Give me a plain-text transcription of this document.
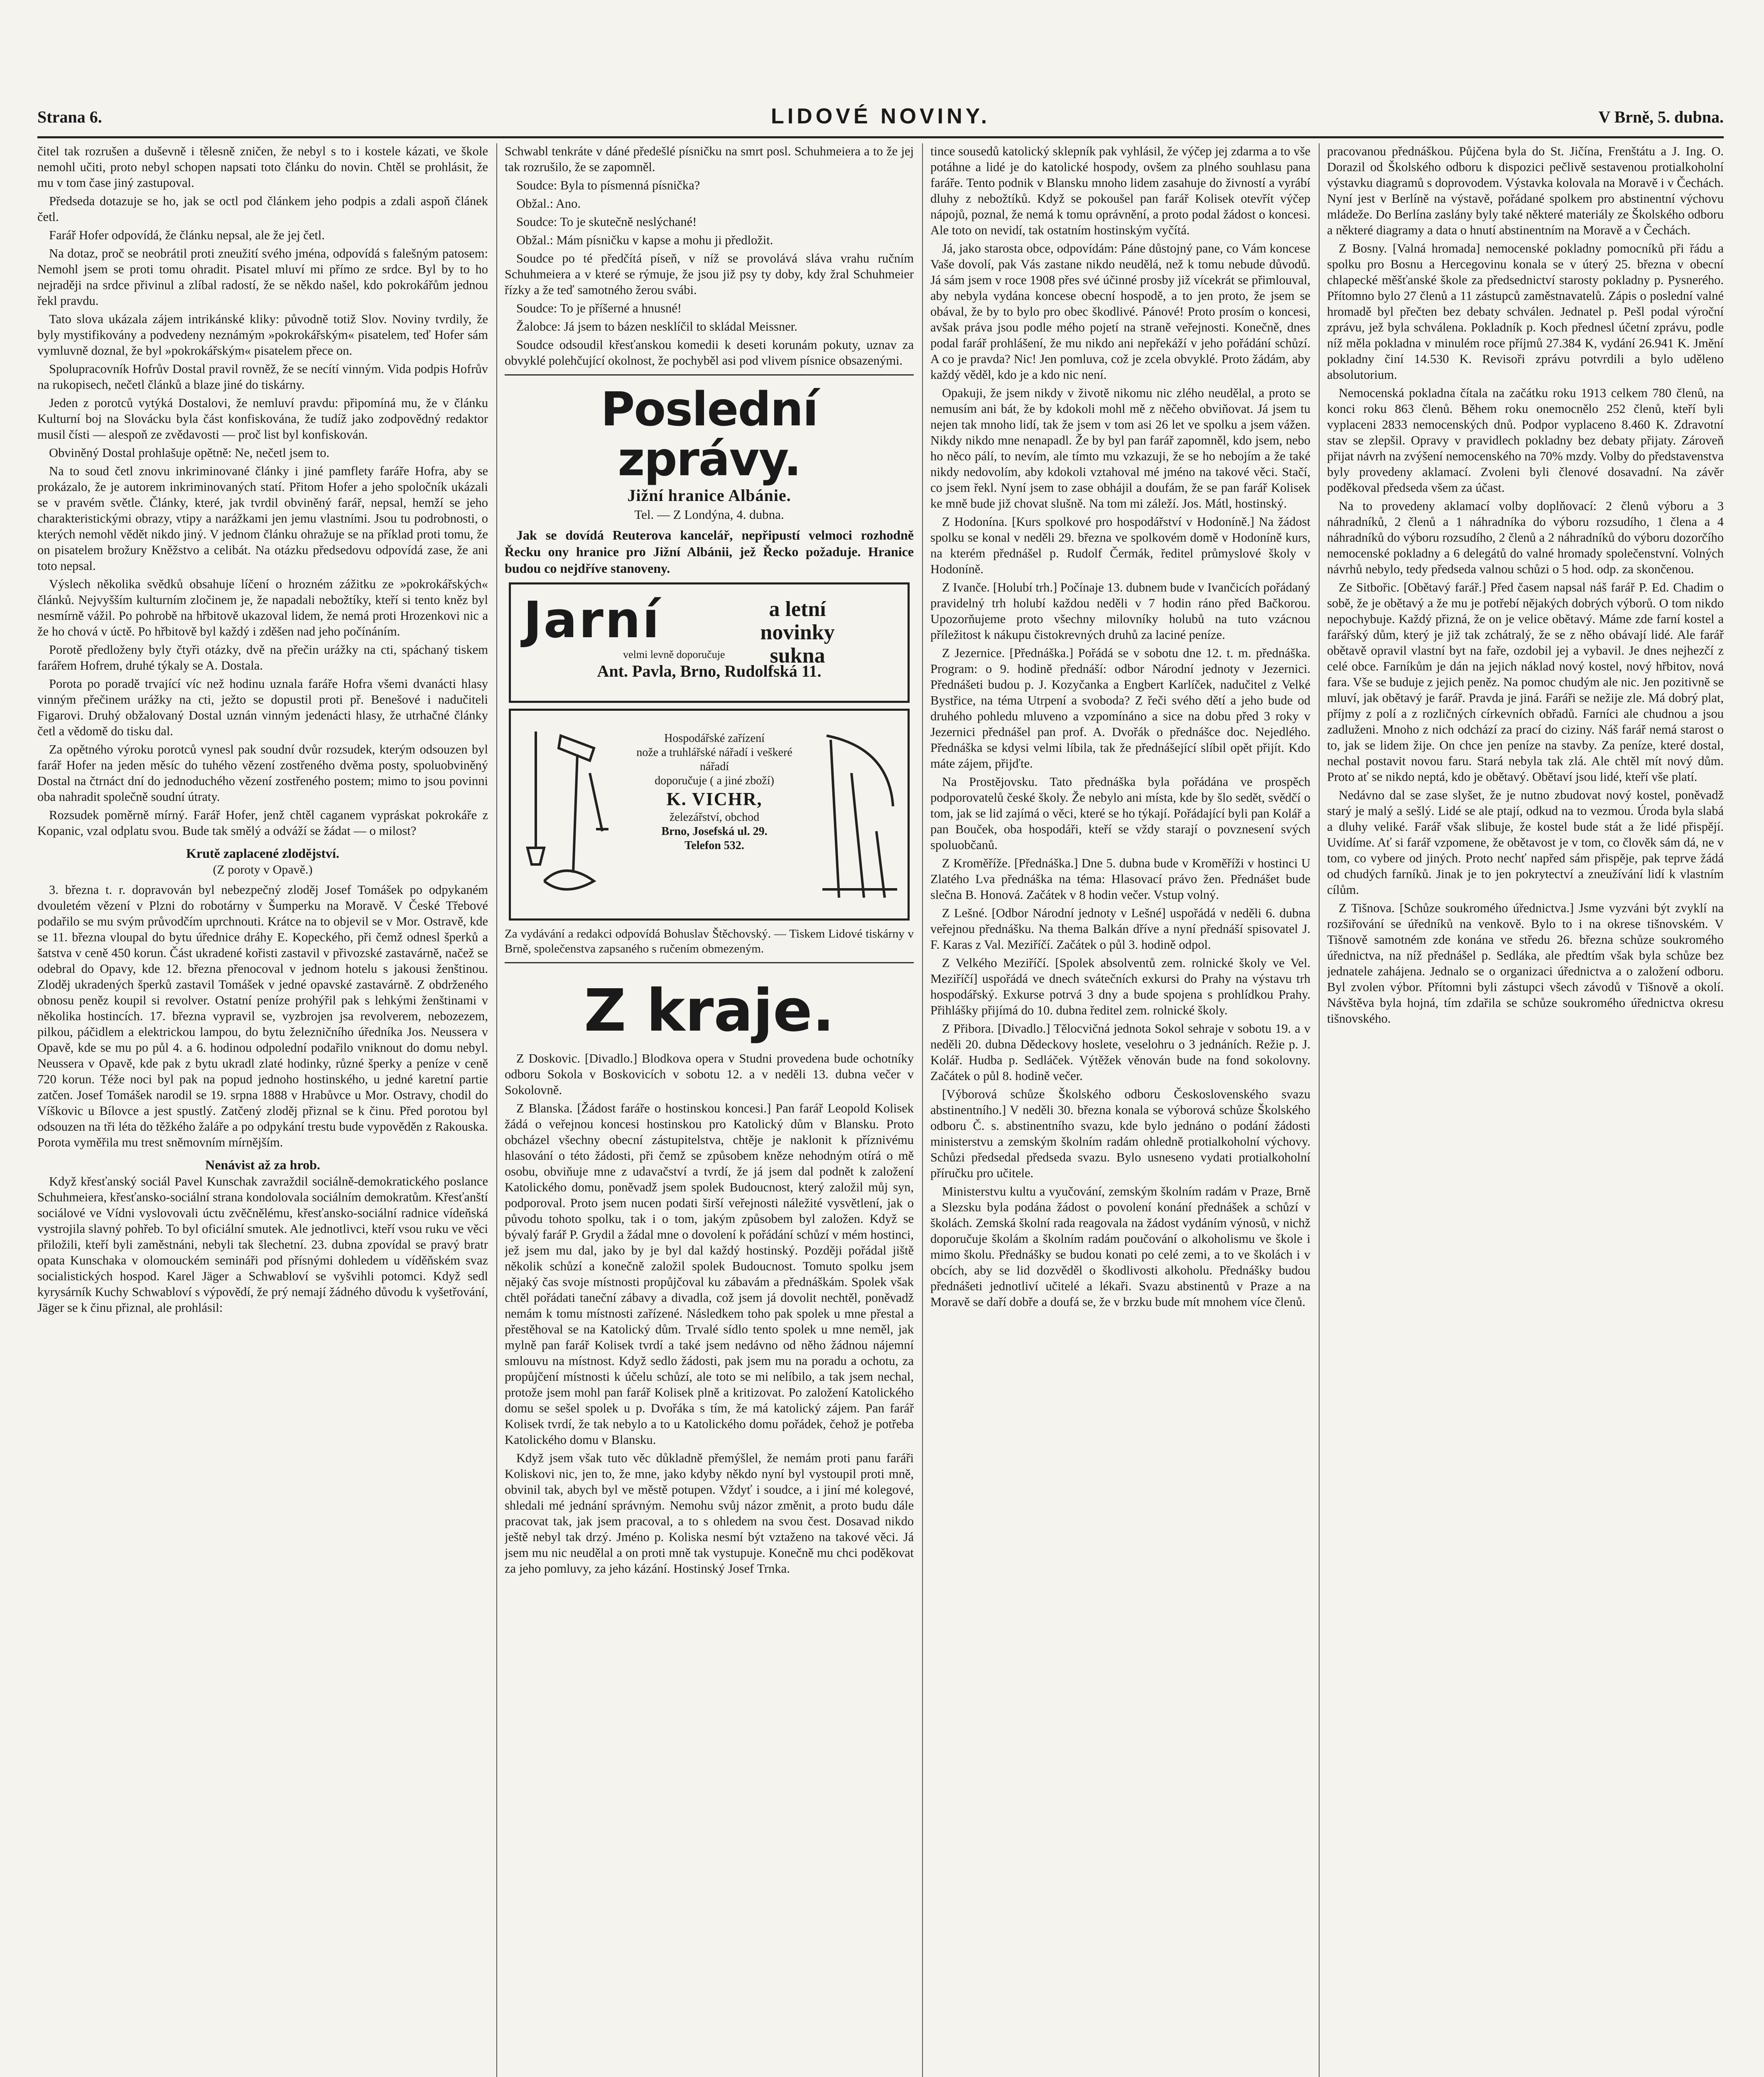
Strana 6.	LIDOVÉ NOVINY.	V Brně, 5. dubna.

čitel tak rozrušen a duševně i tělesně zničen, že nebyl s to i kostele kázati, ve škole nemohl učiti, proto nebyl schopen napsati toto článku do novin. Chtěl se prohlásit, že mu v tom čase jiný zastupoval.

Předseda dotazuje se ho, jak se octl pod článkem jeho podpis a zdali aspoň článek četl.

Farář Hofer odpovídá, že článku nepsal, ale že jej četl.

Na dotaz, proč se neobrátil proti zneužití svého jména, odpovídá s falešným patosem: Nemohl jsem se proti tomu ohradit. Pisatel mluví mi přímo ze srdce. Byl by to ho nejraději na srdce přivinul a zlíbal radostí, že se někdo našel, kdo pokrokářům jednou řekl pravdu.

Tato slova ukázala zájem intrikánské kliky: původně totiž Slov. Noviny tvrdily, že byly mystifikovány a podvedeny neznámým »pokrokářským« pisatelem, teď Hofer sám vymluvně doznal, že byl »pokrokářským« pisatelem přece on.

Spolupracovník Hofrův Dostal pravil rovněž, že se necítí vinným. Vida podpis Hofrův na rukopisech, nečetl článků a blaze jiné do tiskárny.

Jeden z porotců vytýká Dostalovi, že nemluví pravdu: připomíná mu, že v článku Kulturní boj na Slovácku byla část konfiskována, že tudíž jako zodpovědný redaktor musil čísti — alespoň ze zvědavosti — proč list byl konfiskován.

Obviněný Dostal prohlašuje opětně: Ne, nečetl jsem to.

Na to soud četl znovu inkriminované články i jiné pamflety faráře Hofra, aby se prokázalo, že je autorem inkriminovaných statí. Přitom Hofer a jeho spoločník ukázali se v pravém světle. Články, které, jak tvrdil obviněný farář, nepsal, hemží se jeho charakteristickými obrazy, vtipy a narážkami jen jemu vlastními. Jsou tu podrobnosti, o kterých nemohl vědět nikdo jiný. V jednom článku ohražuje se na příklad proti tomu, že on pisatelem brožury Kněžstvo a celibát. Na otázku předsedovu odpovídá zase, že ani toto nepsal.

Výslech několika svědků obsahuje líčení o hrozném zážitku ze »pokrokářských« článků. Nejvyšším kulturním zločinem je, že napadali nebožtíky, kteří si tento kněz byl nesmírně vážil. Po pohrobě na hřbitově ukazoval lidem, že nemá proti Hrozenkovi nic a že ho chová v úctě. Po hřbitově byl každý i zděšen nad jeho počínáním.

Porotě předloženy byly čtyři otázky, dvě na přečin urážky na cti, spáchaný tiskem farářem Hofrem, druhé týkaly se A. Dostala.

Porota po poradě trvající víc než hodinu uznala faráře Hofra všemi dvanácti hlasy vinným přečinem urážky na cti, ježto se dopustil proti př. Benešové i nadučiteli Figarovi. Druhý obžalovaný Dostal uznán vinným jedenácti hlasy, že utrhačné články četl a vědomě do tisku dal.

Za opětného výroku porotců vynesl pak soudní dvůr rozsudek, kterým odsouzen byl farář Hofer na jeden měsíc do tuhého vězení zostřeného dvěma posty, spoluobviněný Dostal na čtrnáct dní do jednoduchého vězení zostřeného postem; mimo to jsou povinni oba nahradit společně soudní útraty.

Rozsudek poměrně mírný. Farář Hofer, jenž chtěl caganem vypráskat pokrokáře z Kopanic, vzal odplatu svou. Bude tak smělý a odváží se žádat — o milost?

Krutě zaplacené zlodějství.

(Z poroty v Opavě.)

3. března t. r. dopravován byl nebezpečný zloděj Josef Tomášek po odpykaném dvouletém vězení v Plzni do robotárny v Šumperku na Moravě. V České Třebové podařilo se mu svým průvodčím uprchnouti. Krátce na to objevil se v Mor. Ostravě, kde se 11. března vloupal do bytu úřednice dráhy E. Kopeckého, při čemž odnesl šperků a šatstva v ceně 450 korun. Část ukradené kořisti zastavil v přivozské zastavárně, načež se odebral do Opavy, kde 12. března přenocoval v jednom hotelu s jakousi ženštinou. Zloděj ukradených šperků zastavil Tomášek v jedné opavské zastavárně. Z obdrženého obnosu peněz koupil si revolver. Ostatní peníze prohýřil pak s lehkými ženštinami v několika hostincích. 17. března vypravil se, vyzbrojen jsa revolverem, nebozezem, pilkou, páčidlem a elektrickou lampou, do bytu železničního úředníka Jos. Neussera v Opavě, kde se mu po půl 4. a 6. hodinou odpolední podařilo vniknout do domu nebyl. Neussera v Opavě, kde pak z bytu ukradl zlaté hodinky, různé šperky a peníze v ceně 720 korun. Téže noci byl pak na popud jednoho hostinského, u jedné karetní partie zatčen. Josef Tomášek narodil se 19. srpna 1888 v Hrabůvce u Mor. Ostravy, chodil do Víškovic u Bílovce a jest spustlý. Zatčený zloděj přiznal se k činu. Před porotou byl odsouzen na tři léta do těžkého žaláře a po odpykání trestu bude vypověděn z Rakouska. Porota vyměřila mu trest sněmovním mírnějším.

Nenávist až za hrob.

Když křesťanský sociál Pavel Kunschak zavraždil sociálně-demokratického poslance Schuhmeiera, křesťansko-sociální strana kondolovala sociálním demokratům. Křesťanští sociálové ve Vídni vyslovovali úctu zvěčnělému, křesťansko-sociální radnice vídeňská vystrojila slavný pohřeb. To byl oficiální smutek. Ale jednotlivci, kteří vsou ruku ve věci přiložili, kteří byli zaměstnáni, nebyli tak šlechetní. 23. dubna zpovídal se pravý bratr opata Kunschaka v olomouckém semináři pod přísnými dohledem u víděňském svaz socialistických hospod. Karel Jäger a Schwabloví se vyšvihli potomci. Když sedl kyrysárník Kuchy Schwabloví s výpovědí, že prý nemají žádného důvodu k vyšetřování, Jäger se k činu přiznal, ale prohlásil:

Schwabl tenkráte v dáné předešlé písničku na smrt posl. Schuhmeiera a to že jej tak rozrušilo, že se zapomněl.

Soudce: Byla to písmenná písnička?

Obžal.: Ano.

Soudce: To je skutečně neslýchané!

Obžal.: Mám písničku v kapse a mohu ji předložit.

Soudce po té předčítá píseň, v níž se provolává sláva vrahu ručním Schuhmeiera a v které se rýmuje, že jsou již psy ty doby, kdy žral Schuhmeier řízky a že teď samotného žerou svábi.

Soudce: To je příšerné a hnusné!

Žalobce: Já jsem to bázen nesklíčil to skládal Meissner.

Soudce odsoudil křesťanskou komedii k deseti korunám pokuty, uznav za obvyklé polehčující okolnost, že pochyběl asi pod vlivem písnice obsazenými.

Poslední zprávy.
Jižní hranice Albánie.
Tel. — Z Londýna, 4. dubna.

Jak se dovídá Reuterova kancelář, nepřipustí velmoci rozhodně Řecku ony hranice pro Jižní Albánii, jež Řecko požaduje. Hranice budou co nejdříve stanoveny.

Jarní	a letní
novinky
sukna
velmi levně doporučuje
Ant. Pavla, Brno, Rudolfská 11.
Hospodářské zařízení
nože a truhlářské nářadí i veškeré nářadí
doporučuje ( a jiné zboží)
K. VICHR,
železářství, obchod
Brno, Josefská ul. 29.
Telefon 532.
Za vydávání a redakci odpovídá Bohuslav Štěchovský. — Tiskem Lidové tiskárny v Brně, společenstva zapsaného s ručením obmezeným.
Z kraje.

Z Doskovic. [Divadlo.] Blodkova opera v Studni provedena bude ochotníky odboru Sokola v Boskovicích v sobotu 12. a v neděli 13. dubna večer v Sokolovně.

Z Blanska. [Žádost faráře o hostinskou koncesi.] Pan farář Leopold Kolisek žádá o veřejnou koncesi hostinskou pro Katolický dům v Blansku. Proto obcházel všechny obecní zástupitelstva, chtěje je naklonit k příznivému hlasování o této žádosti, při čemž se způsobem kněze nehodným otírá o mě osobu, obviňuje mne z udavačství a tvrdí, že já jsem dal podnět k založení Katolického domu, poněvadž jsem spolek Budoucnost, který založil můj syn, podporoval. Proto jsem nucen podati širší veřejnosti náležité vysvětlení, jak o původu tohoto spolku, tak i o tom, jakým způsobem byl založen. Když se bývalý farář P. Grydil a žádal mne o dovolení k pořádání schůzí v mém hostinci, jež jsem mu dal, jako by je byl dal každý hostinský. Později pořádal jiště několik schůzí a konečně založil spolek Budoucnost. Tomuto spolku jsem nějaký čas svoje místnosti propůjčoval ku zábavám a přednáškám. Spolek však chtěl pořádati taneční zábavy a divadla, což jsem já dovolit nechtěl, poněvadž nemám k tomu místnosti zařízené. Následkem toho pak spolek u mne přestal a přestěhoval se na Katolický dům. Trvalé sídlo tento spolek u mne neměl, jak mylně pan farář Kolisek tvrdí a také jsem nedávno od něho žádnou nájemní smlouvu na místnost. Když sedlo žádosti, pak jsem mu na poradu a ochotu, za propůjčení místnosti k účelu schůzí, ale toto se mi nelíbilo, a tak jsem nechal, protože jsem mohl pan farář Kolisek plně a kritizovat. Po založení Katolického domu se sešel spolek u p. Dvořáka s tím, že má katolický zájem. Pan farář Kolisek tvrdí, že tak nebylo a to u Katolického domu pořádek, čehož je potřeba Katolického domu v Blansku.

Když jsem však tuto věc důkladně přemýšlel, že nemám proti panu faráři Koliskovi nic, jen to, že mne, jako kdyby někdo nyní byl vystoupil proti mně, obvinil tak, abych byl ve městě potupen. Vždyť i soudce, a i jiní mé kolegové, shledali mé jednání správným. Nemohu svůj názor změnit, a proto budu dále pracovat tak, jak jsem pracoval, a to s ohledem na svou čest. Dosavad nikdo ještě nebyl tak drzý. Jméno p. Koliska nesmí být vztaženo na takové věci. Já jsem mu nic neudělal a on proti mně tak vystupuje. Konečně mu chci poděkovat za jeho pomluvy, za jeho kázání. Hostinský Josef Trnka.

tince sousedů katolický sklepník pak vyhlásil, že výčep jej zdarma a to vše potáhne a lidé je do katolické hospody, ovšem za plného souhlasu pana faráře. Tento podnik v Blansku mnoho lidem zasahuje do živností a vyrábí dluhy z nebožtíků. Když se pokoušel pan farář Kolisek otevřít výčep nápojů, poznal, že nemá k tomu oprávnění, a proto podal žádost o koncesi. Ale toto on nevidí, tak ostatním hostinským vyčítá.

Já, jako starosta obce, odpovídám: Páne důstojný pane, co Vám koncese Vaše dovolí, pak Vás zastane nikdo neudělá, než k tomu nebude důvodů. Já sám jsem v roce 1908 přes své účinné prosby již vícekrát se přimlouval, aby nebyla vydána koncese obecní hospodě, a to jen proto, že jsem se obával, že by to bylo pro obec škodlivé. Pánové! Proto prosím o koncesi, avšak práva jsou podle mého pojetí na straně veřejnosti. Konečně, dnes podal farář prohlášení, že mu nikdo ani nepřekáží v jeho pořádání schůzí. A co je pravda? Nic! Jen pomluva, což je zcela obvyklé. Proto žádám, aby každý věděl, kdo je a kdo nic není.

Opakuji, že jsem nikdy v životě nikomu nic zlého neudělal, a proto se nemusím ani bát, že by kdokoli mohl mě z něčeho obviňovat. Já jsem tu nejen tak mnoho lidí, tak že jsem v tom asi 26 let ve spolku a jsem vážen. Nikdy nikdo mne nenapadl. Že by byl pan farář zapomněl, kdo jsem, nebo ho něco pálí, to nevím, ale tímto mu vzkazuji, že se ho nebojím a že také nikdy nedovolím, aby kdokoli vztahoval mé jméno na takové věci. Stačí, co jsem řekl. Nyní jsem to zase obhájil a doufám, že se pan farář Kolisek ke mně bude již chovat slušně. Na tom mi záleží. Jos. Mátl, hostinský.

Z Hodonína. [Kurs spolkové pro hospodářství v Hodoníně.] Na žádost spolku se konal v neděli 29. března ve spolkovém domě v Hodoníně kurs, na kterém přednášel p. Rudolf Čermák, ředitel průmyslové školy v Hodoníně.

Z Ivanče. [Holubí trh.] Počínaje 13. dubnem bude v Ivančicích pořádaný pravidelný trh holubí každou neděli v 7 hodin ráno před Bačkorou. Upozorňujeme proto všechny milovníky holubů na tuto vzácnou příležitost k nákupu čistokrevných druhů za laciné peníze.

Z Jezernice. [Přednáška.] Pořádá se v sobotu dne 12. t. m. přednáška. Program: o 9. hodině přednáší: odbor Národní jednoty v Jezernici. Přednášeti budou p. J. Kozyčanka a Engbert Karlíček, nadučitel z Velké Bystřice, na téma Utrpení a svoboda? Z řeči svého dětí a jeho bude od druhého pohledu mluveno a vzpomínáno a sice na dobu před 3 roky v Jezernici přednášel pan prof. A. Dvořák o přednášce doc. Nejedlého. Přednáška se kdysi velmi líbila, tak že přednášející slíbil opět přijít. Kdo máte zájem, přijďte.

Na Prostějovsku. Tato přednáška byla pořádána ve prospěch podporovatelů české školy. Že nebylo ani místa, kde by šlo sedět, svědčí o tom, jak se lid zajímá o věci, které se ho týkají. Pořádající byli pan Kolář a pan Bouček, oba hospodáři, kteří se vždy starají o povznesení svých spoluobčanů.

Z Kroměříže. [Přednáška.] Dne 5. dubna bude v Kroměříži v hostinci U Zlatého Lva přednáška na téma: Hlasovací právo žen. Přednášet bude slečna B. Honová. Začátek v 8 hodin večer. Vstup volný.

Z Lešné. [Odbor Národní jednoty v Lešné] uspořádá v neděli 6. dubna veřejnou přednášku. Na thema Balkán dříve a nyní přednáší spisovatel J. F. Karas z Val. Meziříčí. Začátek o půl 3. hodině odpol.

Z Velkého Meziříčí. [Spolek absolventů zem. rolnické školy ve Vel. Meziříčí] uspořádá ve dnech svátečních exkursi do Prahy na výstavu trh hospodářský. Exkurse potrvá 3 dny a bude spojena s prohlídkou Prahy. Přihlášky přijímá do 10. dubna ředitel zem. rolnické školy.

Z Přibora. [Divadlo.] Tělocvičná jednota Sokol sehraje v sobotu 19. a v neděli 20. dubna Dědeckovy hoslete, veselohru o 3 jednáních. Režie p. J. Kolář. Hudba p. Sedláček. Výtěžek věnován bude na fond sokolovny. Začátek o půl 8. hodině večer.

[Výborová schůze Školského odboru Československého svazu abstinentního.] V neděli 30. března konala se výborová schůze Školského odboru Č. s. abstinentního svazu, kde bylo jednáno o podání žádosti ministerstvu a zemským školním radám ohledně protialkoholní výchovy. Schůzi předsedal předseda svazu. Bylo usneseno vydati protialkoholní příručku pro učitele.

Ministerstvu kultu a vyučování, zemským školním radám v Praze, Brně a Slezsku byla podána žádost o povolení konání přednášek a schůzí v školách. Zemská školní rada reagovala na žádost vydáním výnosů, v nichž doporučuje školám a školním radám poučování o alkoholismu ve škole i mimo školu. Přednášky se budou konati po celé zemi, a to ve školách i v obcích, aby se lid dozvěděl o škodlivosti alkoholu. Přednášky budou přednášeti jednotliví učitelé a lékaři. Svazu abstinentů v Praze a na Moravě se daří dobře a doufá se, že v brzku bude mít mnohem více členů.

pracovanou přednáškou. Půjčena byla do St. Jičína, Frenštátu a J. Ing. O. Dorazil od Školského odboru k dispozici pečlivě sestavenou protialkoholní výstavku diagramů s doprovodem. Výstavka kolovala na Moravě i v Čechách. Nyní jest v Berlíně na výstavě, pořádané spolkem pro abstinentní výchovu mládeže. Do Berlína zaslány byly také některé materiály ze Školského odboru a některé diagramy a data o hnutí abstinentním na Moravě a v Čechách.

Z Bosny. [Valná hromada] nemocenské pokladny pomocníků při řádu a spolku pro Bosnu a Hercegovinu konala se v úterý 25. března v obecní chlapecké měšťanské škole za předsednictví starosty pokladny p. Pysnerého. Přítomno bylo 27 členů a 11 zástupců zaměstnavatelů. Zápis o poslední valné hromadě byl přečten bez debaty schválen. Jednatel p. Pešl podal výroční zprávu, jež byla schválena. Pokladník p. Koch přednesl účetní zprávu, podle níž měla pokladna v minulém roce příjmů 27.384 K, vydání 26.941 K. Jmění pokladny činí 14.530 K. Revisoři zprávu potvrdili a bylo uděleno absolutorium.

Nemocenská pokladna čítala na začátku roku 1913 celkem 780 členů, na konci roku 863 členů. Během roku onemocnělo 252 členů, kteří byli vyplaceni 2833 nemocenských dnů. Podpor vyplaceno 8.460 K. Zdravotní stav se zlepšil. Opravy v pravidlech pokladny bez debaty přijaty. Zároveň přijat návrh na zvýšení nemocenského na 70% mzdy. Volby do představenstva byly provedeny aklamací. Zvoleni byli členové dosavadní. Na závěr poděkoval předseda všem za účast.

Na to provedeny aklamací volby doplňovací: 2 členů výboru a 3 náhradníků, 2 členů a 1 náhradníka do výboru rozsudího, 1 člena a 4 náhradníků do výboru rozsudího, 2 členů a 2 náhradníků do výboru dozorčího nemocenské pokladny a 6 delegátů do valné hromady společenstvní. Volných návrhů nebylo, tedy předseda valnou schůzi o 5 hod. odp. za skončenou.

Ze Sitbořic. [Obětavý farář.] Před časem napsal náš farář P. Ed. Chadim o sobě, že je obětavý a že mu je potřebí nějakých dobrých výborů. O tom nikdo nepochybuje. Každý přizná, že on je velice obětavý. Máme zde farní kostel a farářský dům, který je již tak zchátralý, že se z něho obávají lidé. Ale farář obětavě opravil vlastní byt na faře, ozdobil jej a vybavil. Je dnes nejhezčí z celé obce. Farníkům je dán na jejich náklad nový kostel, nový hřbitov, nová fara. Vše se buduje z jejich peněz. Na pomoc chudým ale nic. Jen pozitivně se mluví, jak obětavý je farář. Pravda je jiná. Faráři se nežije zle. Má dobrý plat, příjmy z polí a z rozličných církevních obřadů. Farníci ale chudnou a jsou zadluženi. Mnoho z nich odchází za prací do ciziny. Náš farář nemá starost o to, jak se lidem žije. On chce jen peníze na stavby. Za peníze, které dostal, nechal postavit novou faru. Stará nebyla tak zlá. Ale chtěl mít nový dům. Proto ať se nikdo neptá, kdo je obětavý. Obětaví jsou lidé, kteří vše platí.

Nedávno dal se zase slyšet, že je nutno zbudovat nový kostel, poněvadž starý je malý a sešlý. Lidé se ale ptají, odkud na to vezmou. Úroda byla slabá a dluhy veliké. Farář však slibuje, že kostel bude stát a že lidé přispějí. Uvidíme. Ať si farář vzpomene, že obětavost je v tom, co člověk sám dá, ne v tom, co vybere od jiných. Proto nechť napřed sám přispěje, pak teprve žádá od chudých farníků. Jinak je to jen pokrytectví a zneužívání lidí k vlastním cílům.

Z Tišnova. [Schůze soukromého úřednictva.] Jsme vyzváni být zvyklí na rozšiřování se úředníků na venkově. Bylo to i na okrese tišnovském. V Tišnově samotném zde konána ve středu 26. března schůze soukromého úřednictva, na níž přednášel p. Sedláka, ale předtím však byla schůze bez jednatele zahájena. Jednalo se o organizaci úřednictva a o založení odboru. Byl zvolen výbor. Přítomni byli zástupci všech závodů v Tišnově a okolí. Návštěva byla hojná, tím zdařila se schůze soukromého úřednictva okresu tišnovského.
